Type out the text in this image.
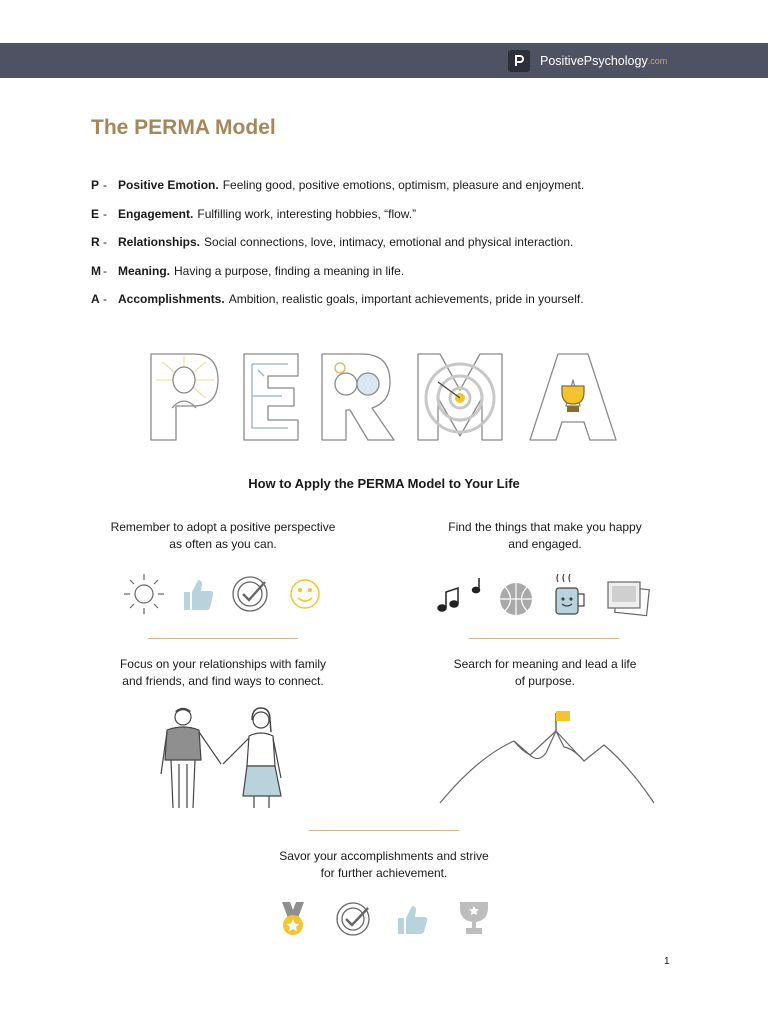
PositivePsychology .com
The PERMA Model
P - Positive Emotion. Feeling good, positive emotions, optimism, pleasure and enjoyment.
E - Engagement. Fulfilling work, interesting hobbies, “flow.”
R - Relationships. Social connections, love, intimacy, emotional and physical interaction.
M - Meaning. Having a purpose, finding a meaning in life.
A - Accomplishments. Ambition, realistic goals, important achievements, pride in yourself.
How to Apply the PERMA Model to Your Life
Remember to adopt a positive perspective
as often as you can.
Find the things that make you happy
and engaged.
Focus on your relationships with family
and friends, and find ways to connect.
Search for meaning and lead a life
of purpose.
Savor your accomplishments and strive
for further achievement.
1
